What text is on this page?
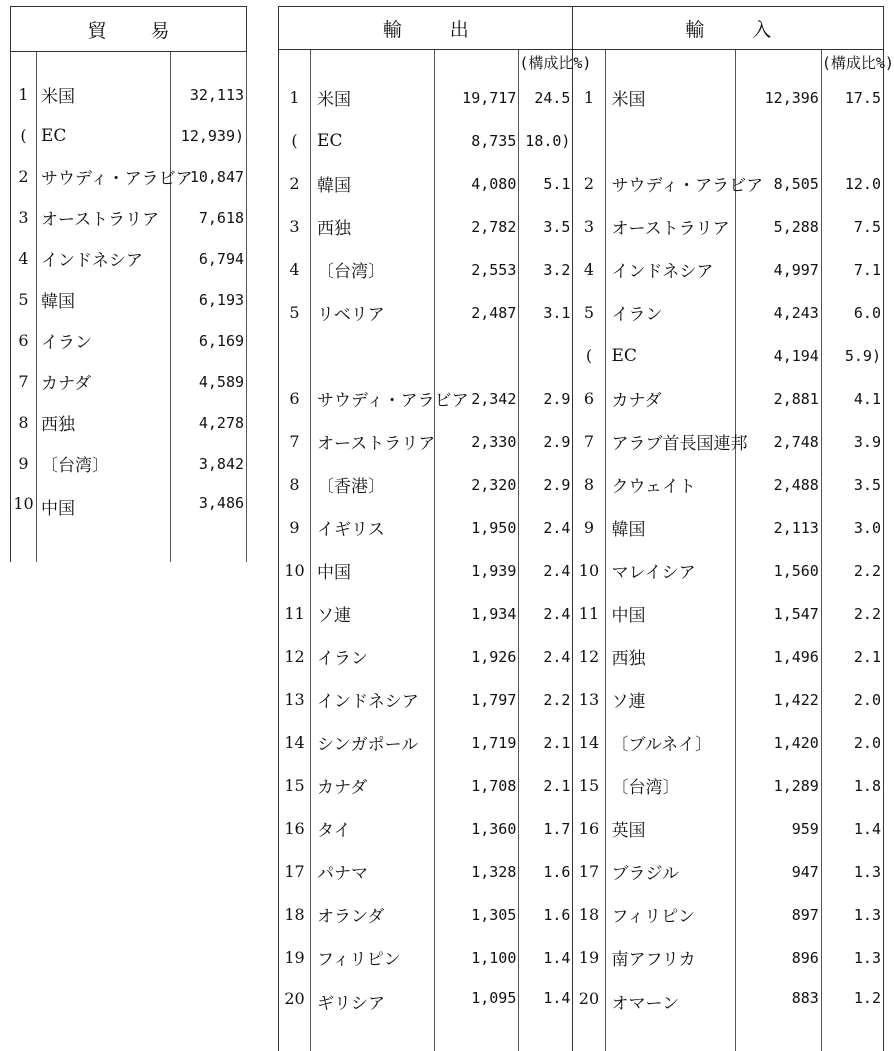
貿易		
1	米国	32,113
(	EC	12,939)
2	サウディ・アラビア	10,847
3	オーストラリア	7,618
4	インドネシア	6,794
5	韓国	6,193
6	イラン	6,169
7	カナダ	4,589
8	西独	4,278
9	〔台湾〕	3,842
10	中国	3,486
輸出				輸入			
			(構成比%)				(構成比%)
1	米国	19,717	24.5	1	米国	12,396	17.5
(	EC	8,735	18.0)				
2	韓国	4,080	5.1	2	サウディ・アラビア	8,505	12.0
3	西独	2,782	3.5	3	オーストラリア	5,288	7.5
4	〔台湾〕	2,553	3.2	4	インドネシア	4,997	7.1
5	リベリア	2,487	3.1	5	イラン	4,243	6.0
				(	EC	4,194	5.9)
6	サウディ・アラビア	2,342	2.9	6	カナダ	2,881	4.1
7	オーストラリア	2,330	2.9	7	アラブ首長国連邦	2,748	3.9
8	〔香港〕	2,320	2.9	8	クウェイト	2,488	3.5
9	イギリス	1,950	2.4	9	韓国	2,113	3.0
10	中国	1,939	2.4	10	マレイシア	1,560	2.2
11	ソ連	1,934	2.4	11	中国	1,547	2.2
12	イラン	1,926	2.4	12	西独	1,496	2.1
13	インドネシア	1,797	2.2	13	ソ連	1,422	2.0
14	シンガポール	1,719	2.1	14	〔ブルネイ〕	1,420	2.0
15	カナダ	1,708	2.1	15	〔台湾〕	1,289	1.8
16	タイ	1,360	1.7	16	英国	959	1.4
17	パナマ	1,328	1.6	17	ブラジル	947	1.3
18	オランダ	1,305	1.6	18	フィリピン	897	1.3
19	フィリピン	1,100	1.4	19	南アフリカ	896	1.3
20	ギリシア	1,095	1.4	20	オマーン	883	1.2
